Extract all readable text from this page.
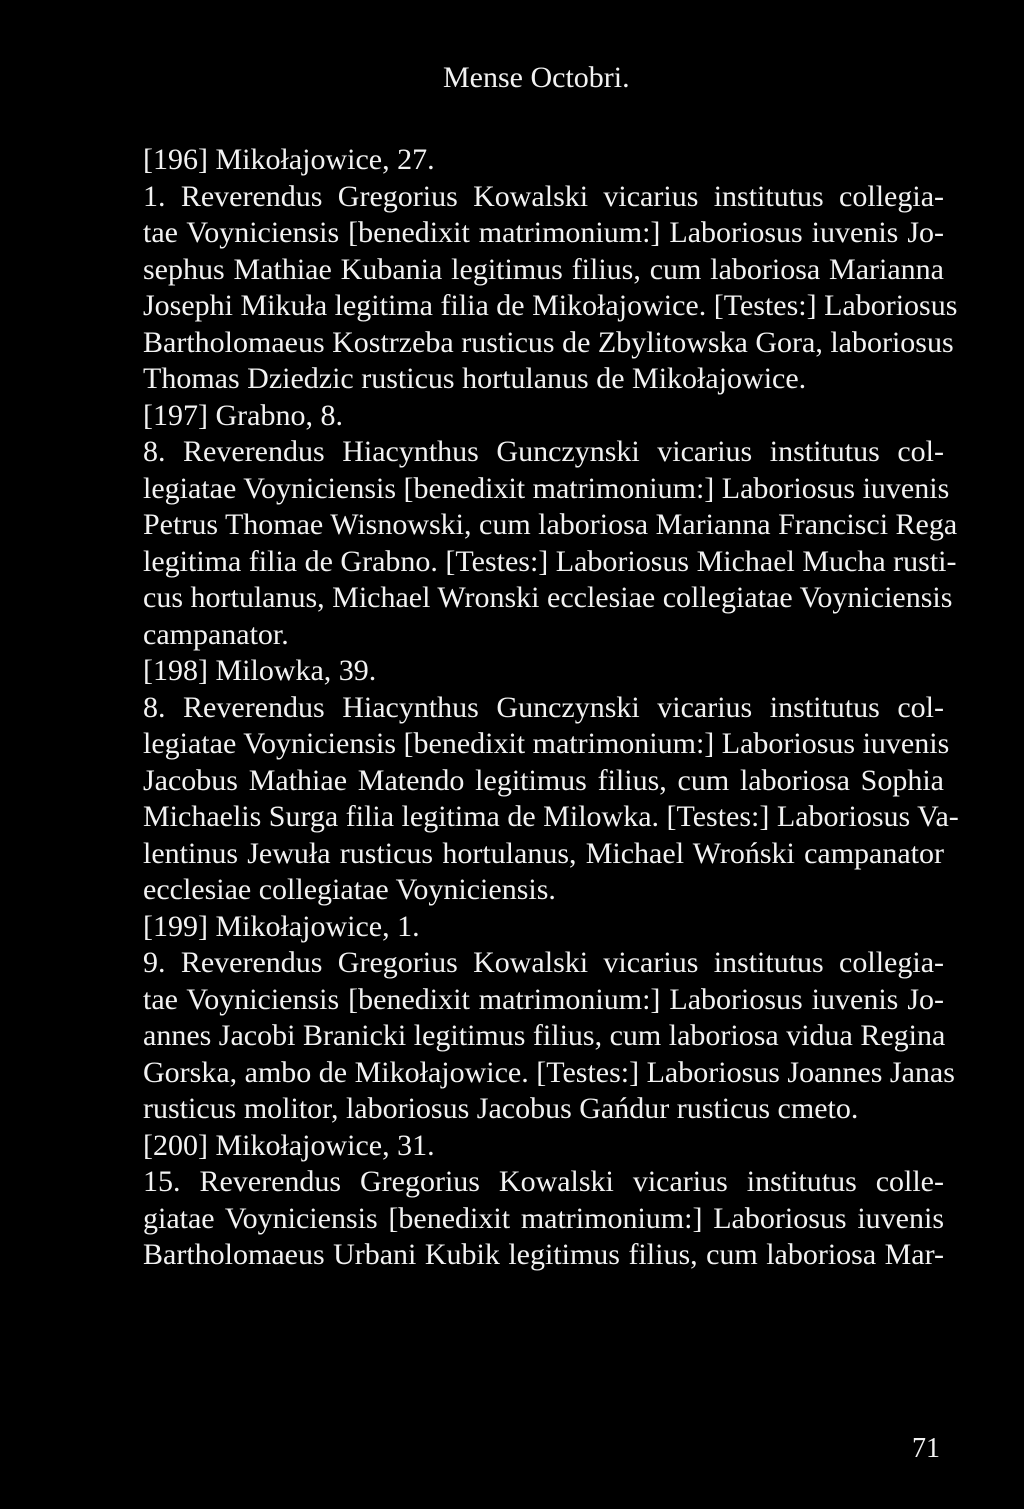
Mense Octobri.
[196] Mikołajowice, 27.
1. Reverendus Gregorius Kowalski vicarius institutus collegia-
tae Voyniciensis [benedixit matrimonium:] Laboriosus iuvenis Jo-
sephus Mathiae Kubania legitimus filius, cum laboriosa Marianna
Josephi Mikuła legitima filia de Mikołajowice. [Testes:] Laboriosus
Bartholomaeus Kostrzeba rusticus de Zbylitowska Gora, laboriosus
Thomas Dziedzic rusticus hortulanus de Mikołajowice.
[197] Grabno, 8.
8. Reverendus Hiacynthus Gunczynski vicarius institutus col-
legiatae Voyniciensis [benedixit matrimonium:] Laboriosus iuvenis
Petrus Thomae Wisnowski, cum laboriosa Marianna Francisci Rega
legitima filia de Grabno. [Testes:] Laboriosus Michael Mucha rusti-
cus hortulanus, Michael Wronski ecclesiae collegiatae Voyniciensis
campanator.
[198] Milowka, 39.
8. Reverendus Hiacynthus Gunczynski vicarius institutus col-
legiatae Voyniciensis [benedixit matrimonium:] Laboriosus iuvenis
Jacobus Mathiae Matendo legitimus filius, cum laboriosa Sophia
Michaelis Surga filia legitima de Milowka. [Testes:] Laboriosus Va-
lentinus Jewuła rusticus hortulanus, Michael Wroński campanator
ecclesiae collegiatae Voyniciensis.
[199] Mikołajowice, 1.
9. Reverendus Gregorius Kowalski vicarius institutus collegia-
tae Voyniciensis [benedixit matrimonium:] Laboriosus iuvenis Jo-
annes Jacobi Branicki legitimus filius, cum laboriosa vidua Regina
Gorska, ambo de Mikołajowice. [Testes:] Laboriosus Joannes Janas
rusticus molitor, laboriosus Jacobus Gańdur rusticus cmeto.
[200] Mikołajowice, 31.
15. Reverendus Gregorius Kowalski vicarius institutus colle-
giatae Voyniciensis [benedixit matrimonium:] Laboriosus iuvenis
Bartholomaeus Urbani Kubik legitimus filius, cum laboriosa Mar-
71
